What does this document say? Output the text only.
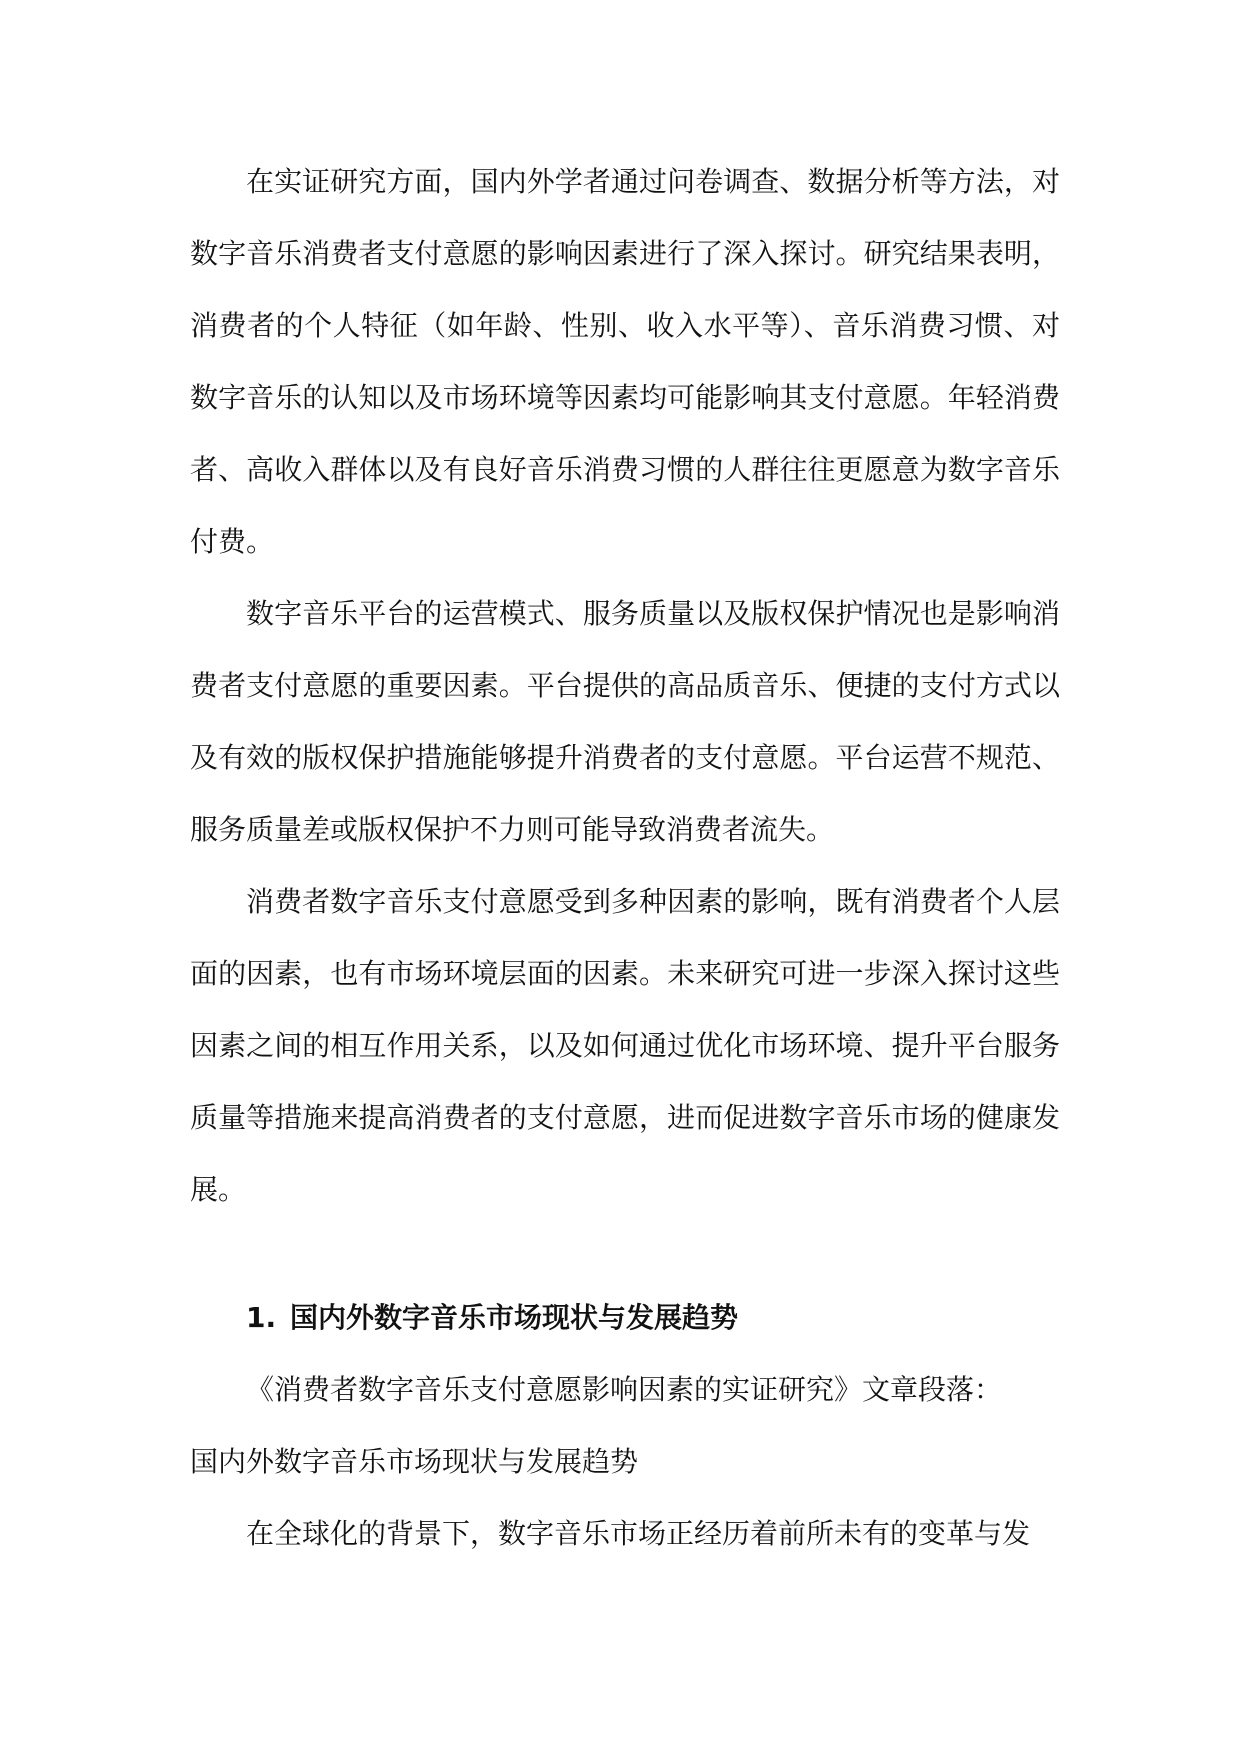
在实证研究方面，国内外学者通过问卷调查、数据分析等方法，对数字音乐消费者支付意愿的影响因素进行了深入探讨。研究结果表明，消费者的个人特征（如年龄、性别、收入水平等）、音乐消费习惯、对数字音乐的认知以及市场环境等因素均可能影响其支付意愿。年轻消费者、高收入群体以及有良好音乐消费习惯的人群往往更愿意为数字音乐付费。

数字音乐平台的运营模式、服务质量以及版权保护情况也是影响消费者支付意愿的重要因素。平台提供的高品质音乐、便捷的支付方式以及有效的版权保护措施能够提升消费者的支付意愿。平台运营不规范、服务质量差或版权保护不力则可能导致消费者流失。

消费者数字音乐支付意愿受到多种因素的影响，既有消费者个人层面的因素，也有市场环境层面的因素。未来研究可进一步深入探讨这些因素之间的相互作用关系，以及如何通过优化市场环境、提升平台服务质量等措施来提高消费者的支付意愿，进而促进数字音乐市场的健康发展。

1. 国内外数字音乐市场现状与发展趋势

《消费者数字音乐支付意愿影响因素的实证研究》文章段落：

国内外数字音乐市场现状与发展趋势

在全球化的背景下，数字音乐市场正经历着前所未有的变革与发
